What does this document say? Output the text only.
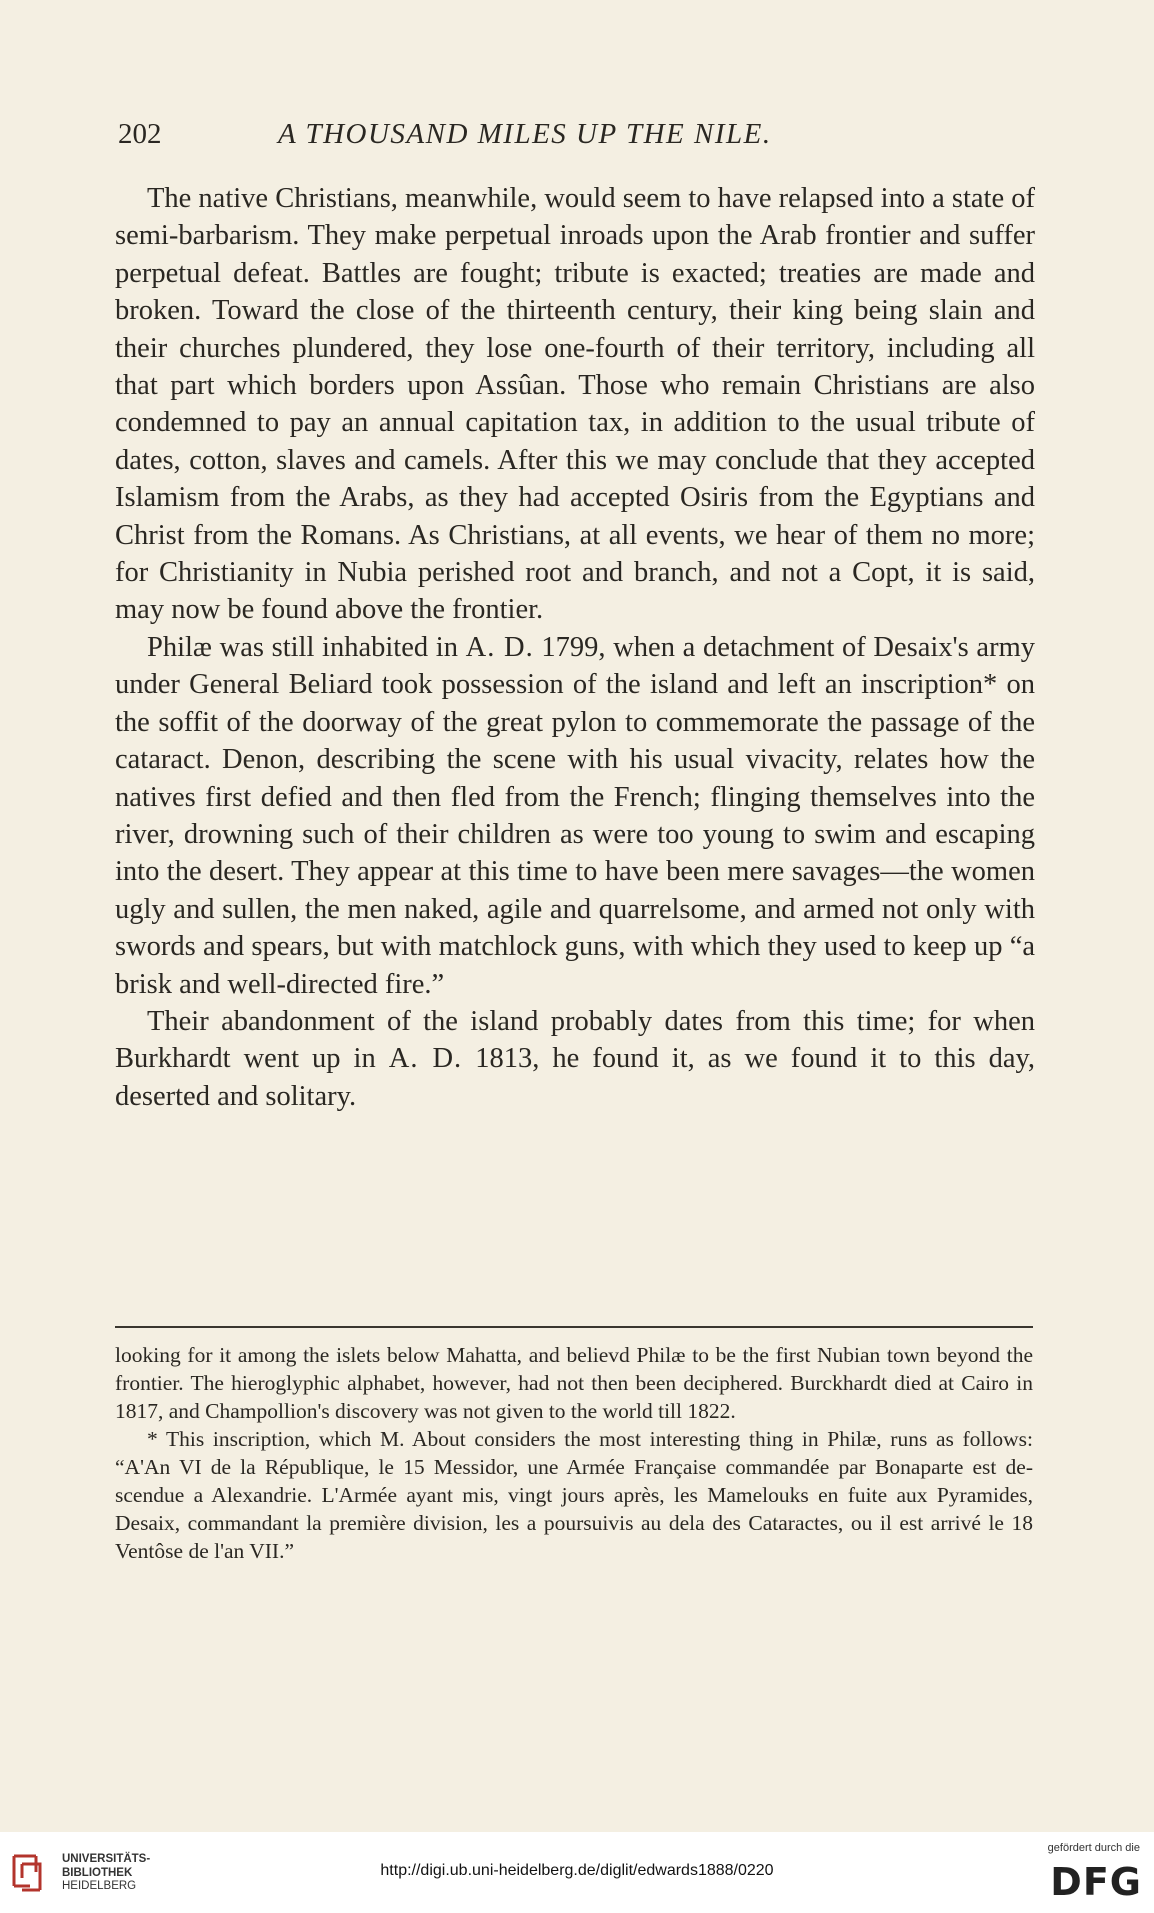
202	A THOUSAND MILES UP THE NILE.

The native Christians, meanwhile, would seem to have relapsed into a state of semi-barbarism. They make perpetual inroads upon the Arab frontier and suffer perpetual defeat. Battles are fought; tribute is exacted; treaties are made and broken. Toward the close of the thirteenth century, their king being slain and their churches plundered, they lose one-fourth of their territory, including all that part which borders upon Assûan. Those who remain Christians are also condemned to pay an annual capitation tax, in addition to the usual tribute of dates, cotton, slaves and camels. After this we may conclude that they accepted Islamism from the Arabs, as they had accepted Osiris from the Egyptians and Christ from the Romans. As Christians, at all events, we hear of them no more; for Christianity in Nubia perished root and branch, and not a Copt, it is said, may now be found above the frontier.

Philæ was still inhabited in A. D. 1799, when a detachment of Desaix's army under General Beliard took possession of the island and left an inscription* on the soffit of the doorway of the great pylon to commemorate the passage of the cataract. Denon, describing the scene with his usual vivacity, relates how the natives first defied and then fled from the French; flinging themselves into the river, drowning such of their children as were too young to swim and escaping into the desert. They appear at this time to have been mere savages—the women ugly and sullen, the men naked, agile and quarrelsome, and armed not only with swords and spears, but with matchlock guns, with which they used to keep up “a brisk and well-directed fire.”

Their abandonment of the island probably dates from this time; for when Burkhardt went up in A. D. 1813, he found it, as we found it to this day, deserted and solitary.

looking for it among the islets below Mahatta, and believd Philæ to be the first Nubian town beyond the frontier. The hieroglyphic alphabet, however, had not then been deciphered. Burckhardt died at Cairo in 1817, and Champollion's discovery was not given to the world till 1822.

* This inscription, which M. About considers the most interesting thing in Philæ, runs as follows: “A'An VI de la République, le 15 Messidor, une Armée Française commandée par Bonaparte est descendue a Alexandrie. L'Armée ayant mis, vingt jours après, les Mamelouks en fuite aux Pyramides, Desaix, commandant la première division, les a poursuivis au dela des Cataractes, ou il est arrivé le 18 Ventôse de l'an VII.”

UNIVERSITÄTS-
BIBLIOTHEK
HEIDELBERG
http://digi.ub.uni-heidelberg.de/diglit/edwards1888/0220
gefördert durch die
DFG
